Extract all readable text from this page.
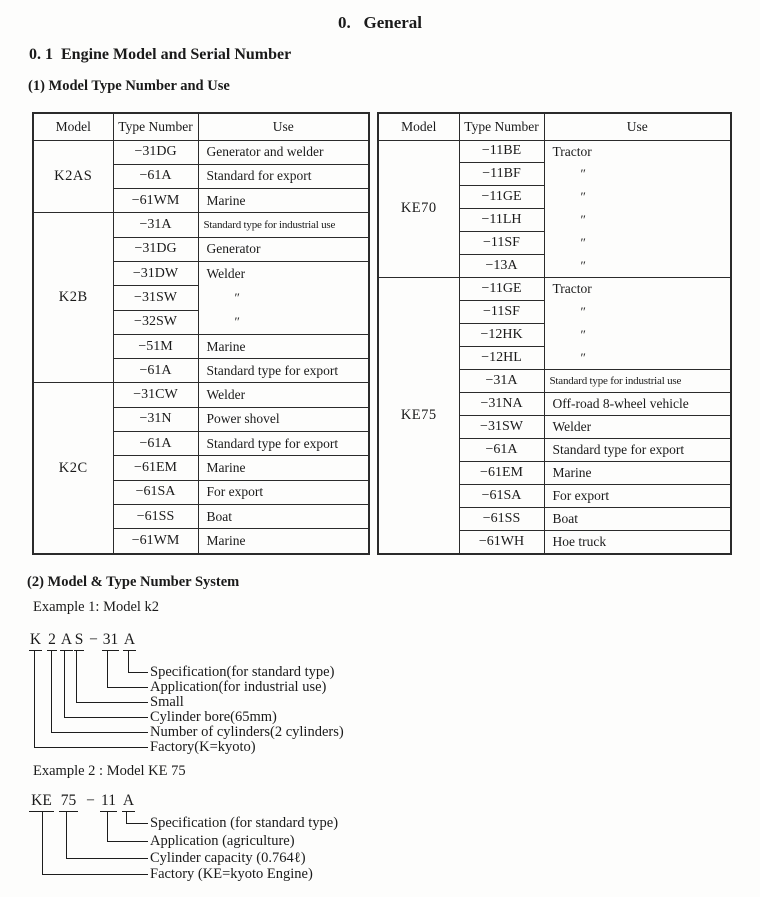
0.   General
0. 1  Engine Model and Serial Number
(1) Model Type Number and Use
Model	Type Number	Use
K2AS	−31DG	Generator and welder
	−61A	Standard for export
	−61WM	Marine
K2B	−31A	Standard type for industrial use
	−31DG	Generator
	−31DW	Welder
	−31SW	″
	−32SW	″
	−51M	Marine
	−61A	Standard type for export
K2C	−31CW	Welder
	−31N	Power shovel
	−61A	Standard type for export
	−61EM	Marine
	−61SA	For export
	−61SS	Boat
	−61WM	Marine
Model	Type Number	Use
KE70	−11BE	Tractor
	−11BF	″
	−11GE	″
	−11LH	″
	−11SF	″
	−13A	″
KE75	−11GE	Tractor
	−11SF	″
	−12HK	″
	−12HL	″
	−31A	Standard type for industrial use
	−31NA	Off-road 8-wheel vehicle
	−31SW	Welder
	−61A	Standard type for export
	−61EM	Marine
	−61SA	For export
	−61SS	Boat
	−61WH	Hoe truck
(2) Model & Type Number System
Example 1: Model k2
K 2 A S − 31 A
Specification(for standard type)
Application(for industrial use)
Small
Cylinder bore(65mm)
Number of cylinders(2 cylinders)
Factory(K=kyoto)
Example 2 : Model KE 75
KE 75 − 11 A
Specification (for standard type)
Application (agriculture)
Cylinder capacity (0.764ℓ)
Factory (KE=kyoto Engine)
